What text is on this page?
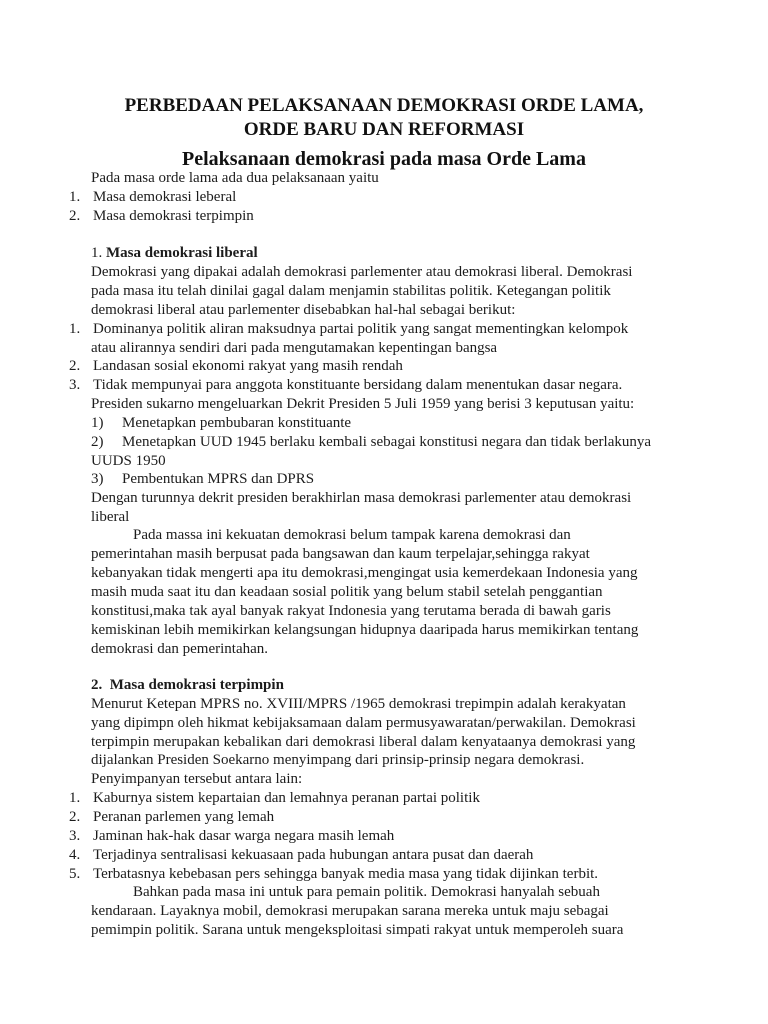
PERBEDAAN PELAKSANAAN DEMOKRASI ORDE LAMA,
ORDE BARU DAN REFORMASI
Pelaksanaan demokrasi pada masa Orde Lama
Pada masa orde lama ada dua pelaksanaan yaitu
1. Masa demokrasi leberal
2. Masa demokrasi terpimpin
1. Masa demokrasi liberal
Demokrasi yang dipakai adalah demokrasi parlementer atau demokrasi liberal. Demokrasi
pada masa itu telah dinilai gagal dalam menjamin stabilitas politik. Ketegangan politik
demokrasi liberal atau parlementer disebabkan hal-hal sebagai berikut:
1. Dominanya politik aliran maksudnya partai politik yang sangat mementingkan kelompok
atau alirannya sendiri dari pada mengutamakan kepentingan bangsa
2. Landasan sosial ekonomi rakyat yang masih rendah
3. Tidak mempunyai para anggota konstituante bersidang dalam menentukan dasar negara.
Presiden sukarno mengeluarkan Dekrit Presiden 5 Juli 1959 yang berisi 3 keputusan yaitu:
1) Menetapkan pembubaran konstituante
2) Menetapkan UUD 1945 berlaku kembali sebagai konstitusi negara dan tidak berlakunya
UUDS 1950
3) Pembentukan MPRS dan DPRS
Dengan turunnya dekrit presiden berakhirlan masa demokrasi parlementer atau demokrasi
liberal
Pada massa ini kekuatan demokrasi belum tampak karena demokrasi dan
pemerintahan masih berpusat pada bangsawan dan kaum terpelajar,sehingga rakyat
kebanyakan tidak mengerti apa itu demokrasi,mengingat usia kemerdekaan Indonesia yang
masih muda saat itu dan keadaan sosial politik yang belum stabil setelah penggantian
konstitusi,maka tak ayal banyak rakyat Indonesia yang terutama berada di bawah garis
kemiskinan lebih memikirkan kelangsungan hidupnya daaripada harus memikirkan tentang
demokrasi dan pemerintahan.
2. Masa demokrasi terpimpin
Menurut Ketepan MPRS no. XVIII/MPRS /1965 demokrasi trepimpin adalah kerakyatan
yang dipimpn oleh hikmat kebijaksamaan dalam permusyawaratan/perwakilan. Demokrasi
terpimpin merupakan kebalikan dari demokrasi liberal dalam kenyataanya demokrasi yang
dijalankan Presiden Soekarno menyimpang dari prinsip-prinsip negara demokrasi.
Penyimpanyan tersebut antara lain:
1. Kaburnya sistem kepartaian dan lemahnya peranan partai politik
2. Peranan parlemen yang lemah
3. Jaminan hak-hak dasar warga negara masih lemah
4. Terjadinya sentralisasi kekuasaan pada hubungan antara pusat dan daerah
5. Terbatasnya kebebasan pers sehingga banyak media masa yang tidak dijinkan terbit.
Bahkan pada masa ini untuk para pemain politik. Demokrasi hanyalah sebuah
kendaraan. Layaknya mobil, demokrasi merupakan sarana mereka untuk maju sebagai
pemimpin politik. Sarana untuk mengeksploitasi simpati rakyat untuk memperoleh suara
